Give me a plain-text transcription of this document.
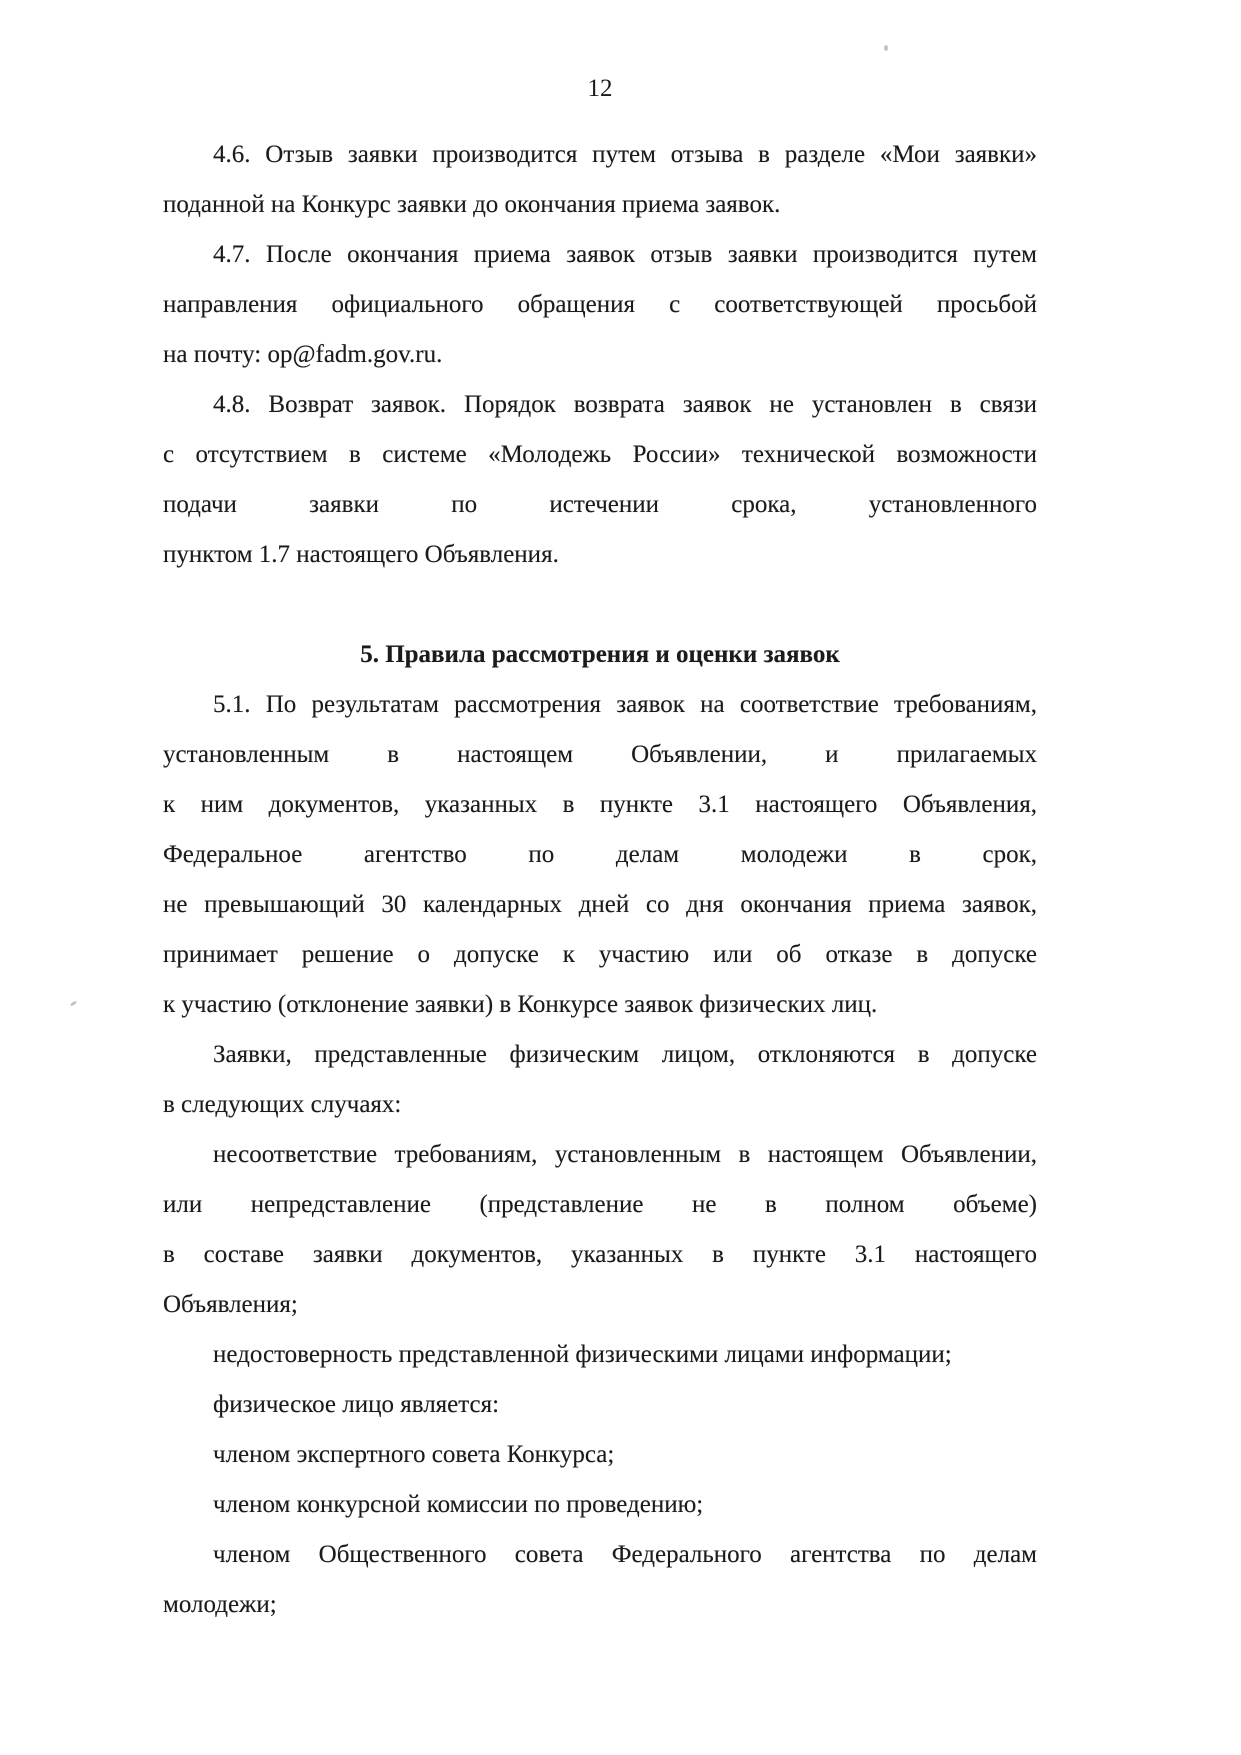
12
4.6. Отзыв заявки производится путем отзыва в разделе «Мои заявки»
поданной на Конкурс заявки до окончания приема заявок.
4.7. После окончания приема заявок отзыв заявки производится путем
направления официального обращения с соответствующей просьбой
на почту: op@fadm.gov.ru.
4.8. Возврат заявок. Порядок возврата заявок не установлен в связи
с отсутствием в системе «Молодежь России» технической возможности
подачи заявки по истечении срока, установленного
пунктом 1.7 настоящего Объявления.
5. Правила рассмотрения и оценки заявок
5.1. По результатам рассмотрения заявок на соответствие требованиям,
установленным в настоящем Объявлении, и прилагаемых
к ним документов, указанных в пункте 3.1 настоящего Объявления,
Федеральное агентство по делам молодежи в срок,
не превышающий 30 календарных дней со дня окончания приема заявок,
принимает решение о допуске к участию или об отказе в допуске
к участию (отклонение заявки) в Конкурсе заявок физических лиц.
Заявки, представленные физическим лицом, отклоняются в допуске
в следующих случаях:
несоответствие требованиям, установленным в настоящем Объявлении,
или непредставление (представление не в полном объеме)
в составе заявки документов, указанных в пункте 3.1 настоящего
Объявления;
недостоверность представленной физическими лицами информации;
физическое лицо является:
членом экспертного совета Конкурса;
членом конкурсной комиссии по проведению;
членом Общественного совета Федерального агентства по делам
молодежи;
